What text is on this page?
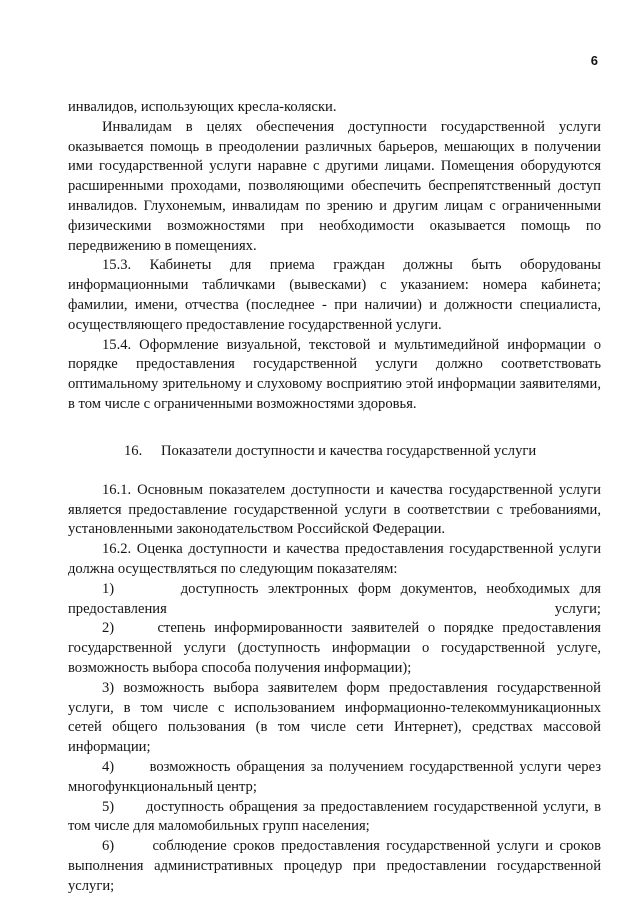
6

инвалидов, использующих кресла-коляски.

Инвалидам в целях обеспечения доступности государственной услуги оказывается помощь в преодолении различных барьеров, мешающих в получении ими государственной услуги наравне с другими лицами. Помещения оборудуются расширенными проходами, позволяющими обеспечить беспрепятственный доступ инвалидов. Глухонемым, инвалидам по зрению и другим лицам с ограниченными физическими возможностями при необходимости оказывается помощь по передвижению в помещениях.

15.3. Кабинеты для приема граждан должны быть оборудованы информационными табличками (вывесками) с указанием: номера кабинета; фамилии, имени, отчества (последнее - при наличии) и должности специалиста, осуществляющего предоставление государственной услуги.

15.4. Оформление визуальной, текстовой и мультимедийной информации о порядке предоставления государственной услуги должно соответствовать оптимальному зрительному и слуховому восприятию этой информации заявителями, в том числе с ограниченными возможностями здоровья.

16. Показатели доступности и качества государственной услуги

16.1. Основным показателем доступности и качества государственной услуги является предоставление государственной услуги в соответствии с требованиями, установленными законодательством Российской Федерации.

16.2. Оценка доступности и качества предоставления государственной услуги должна осуществляться по следующим показателям:

1)       доступность электронных форм документов, необходимых для предоставления услуги;

2)     степень информированности заявителей о порядке предоставления государственной услуги (доступность информации о государственной услуге, возможность выбора способа получения информации);

3) возможность выбора заявителем форм предоставления государственной услуги, в том числе с использованием информационно-телекоммуникационных сетей общего пользования (в том числе сети Интернет), средствах массовой информации;

4)      возможность обращения за получением государственной услуги через многофункциональный центр;

5)      доступность обращения за предоставлением государственной услуги, в том числе для маломобильных групп населения;

6)      соблюдение сроков предоставления государственной услуги и сроков выполнения административных процедур при предоставлении государственной услуги;
